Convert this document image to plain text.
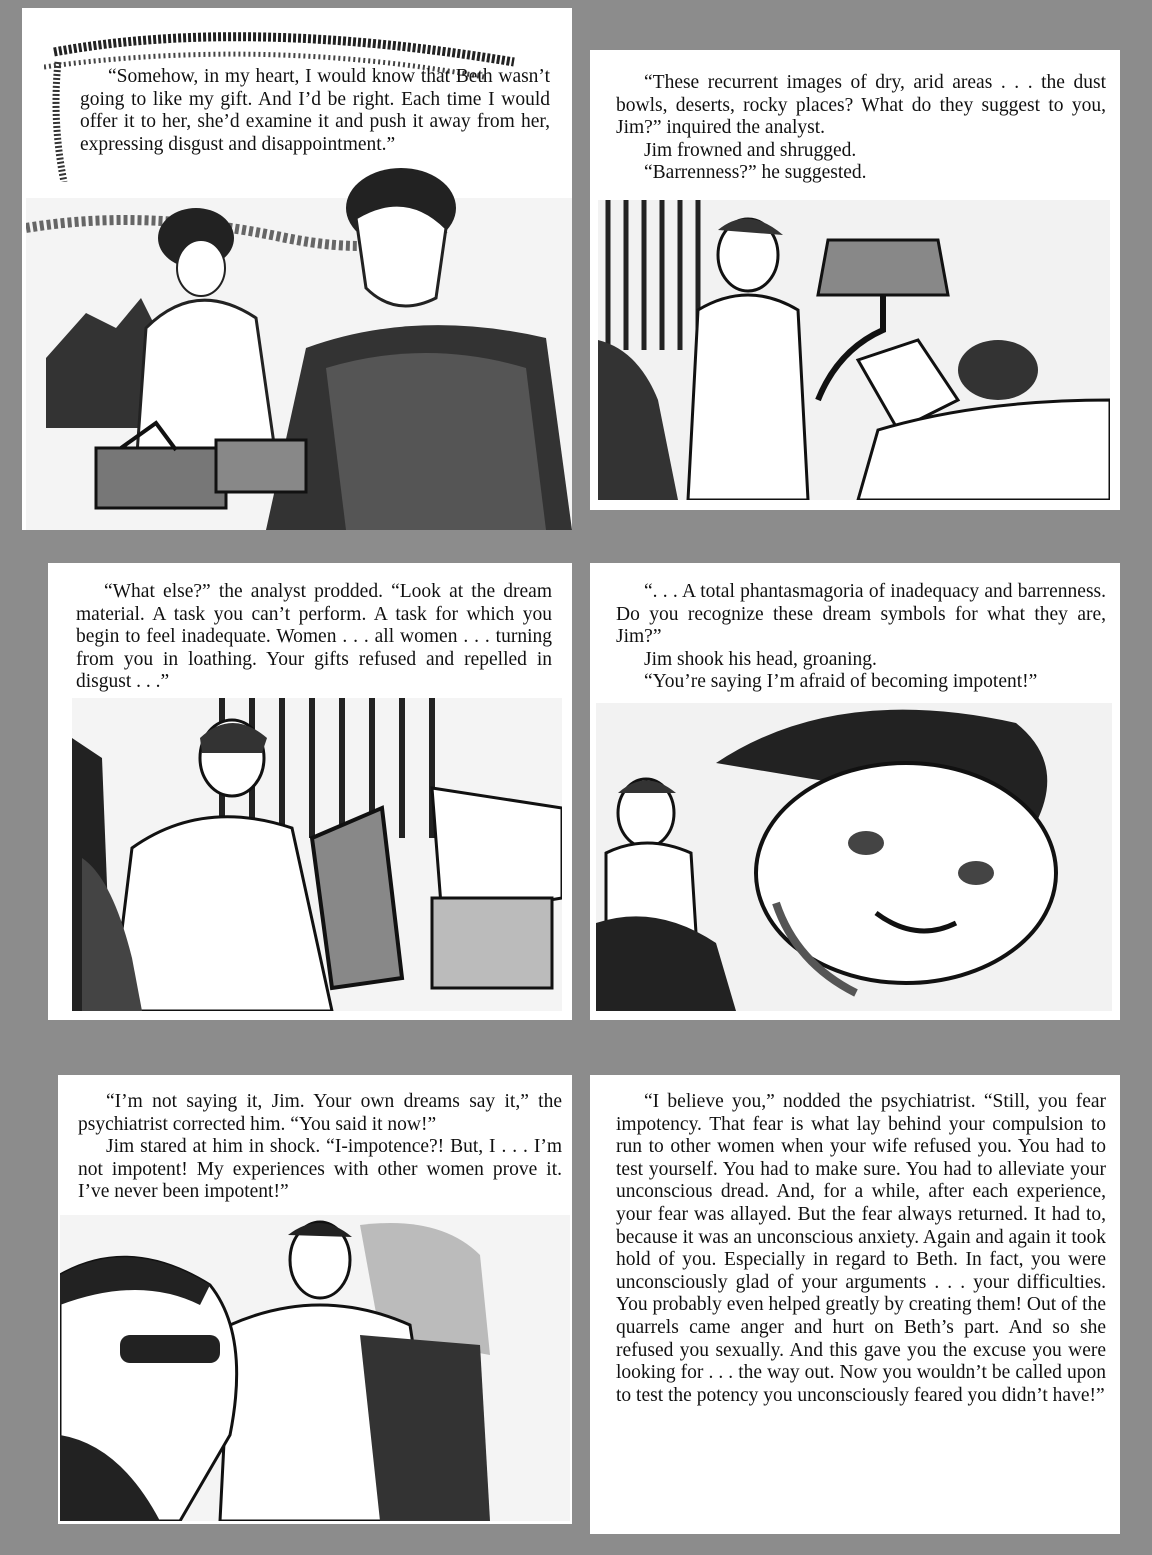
“Somehow, in my heart, I would know that Beth wasn’t going to like my gift. And I’d be right. Each time I would offer it to her, she’d examine it and push it away from her, expressing disgust and disappointment.”

“These recurrent images of dry, arid areas . . . the dust bowls, deserts, rocky places? What do they suggest to you, Jim?” inquired the analyst.

Jim frowned and shrugged.

“Barrenness?” he suggested.

“What else?” the analyst prodded. “Look at the dream material. A task you can’t perform. A task for which you begin to feel inadequate. Women . . . all women . . . turning from you in loathing. Your gifts refused and repelled in disgust . . .”

“. . . A total phantasmagoria of inadequacy and barrenness. Do you recognize these dream symbols for what they are, Jim?”

Jim shook his head, groaning.

“You’re saying I’m afraid of becoming impotent!”

“I’m not saying it, Jim. Your own dreams say it,” the psychiatrist corrected him. “You said it now!”

Jim stared at him in shock. “I-impotence?! But, I . . . I’m not impotent! My experiences with other women prove it. I’ve never been impotent!”

“I believe you,” nodded the psychiatrist. “Still, you fear impotency. That fear is what lay behind your compulsion to run to other women when your wife refused you. You had to test yourself. You had to make sure. You had to alleviate your unconscious dread. And, for a while, after each experience, your fear was allayed. But the fear always returned. It had to, because it was an unconscious anxiety. Again and again it took hold of you. Especially in regard to Beth. In fact, you were unconsciously glad of your arguments . . . your difficulties. You probably even helped greatly by creating them! Out of the quarrels came anger and hurt on Beth’s part. And so she refused you sexually. And this gave you the excuse you were looking for . . . the way out. Now you wouldn’t be called upon to test the potency you unconsciously feared you didn’t have!”
